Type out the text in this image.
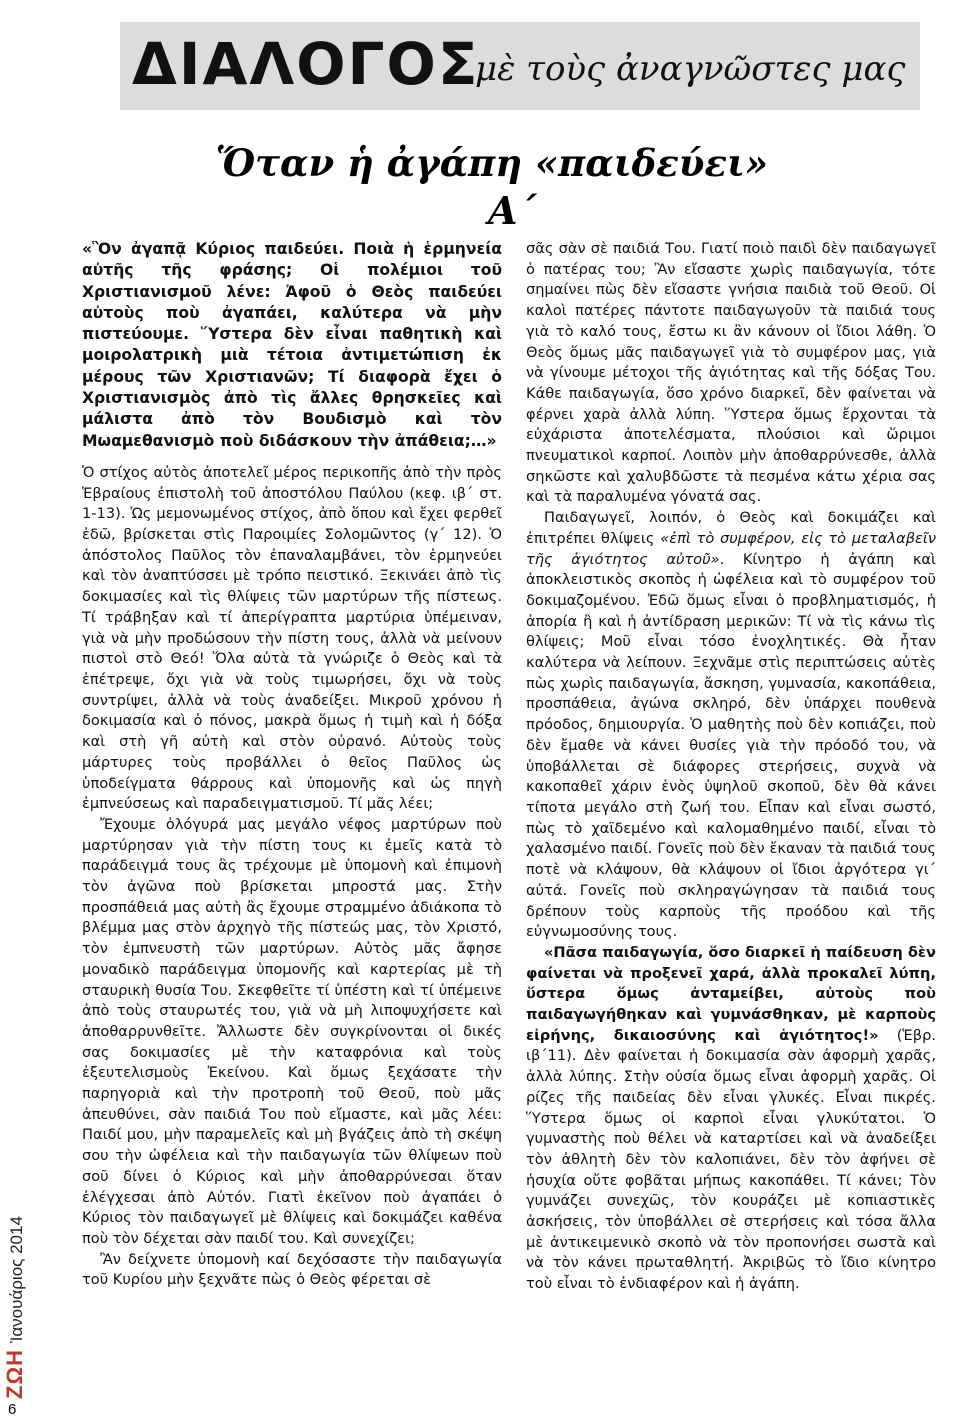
ΔΙΑΛΟΓΟΣ
μὲ τοὺς ἀναγνῶστες μας
Ὅταν ἡ ἀγάπη «παιδεύει»
Α΄
ΖΩΗἸανουάριος 2014
6

«Ὃν ἀγαπᾷ Κύριος παιδεύει. Ποιὰ ἡ ἑρμηνεία αὐτῆς τῆς φράσης; Οἱ πολέμιοι τοῦ Χριστιανισμοῦ λένε: Ἀφοῦ ὁ Θεὸς παιδεύει αὐτοὺς ποὺ ἀγαπάει, καλύτερα νὰ μὴν πιστεύουμε. Ὕστερα δὲν εἶναι παθητικὴ καὶ μοιρολατρικὴ μιὰ τέτοια ἀντιμετώπιση ἐκ μέρους τῶν Χριστιανῶν; Τί διαφορὰ ἔχει ὁ Χριστιανισμὸς ἀπὸ τὶς ἄλλες θρησκεῖες καὶ μάλιστα ἀπὸ τὸν Βουδισμὸ καὶ τὸν Μωαμεθανισμὸ ποὺ διδάσκουν τὴν ἀπάθεια;…»

Ὁ στίχος αὐτὸς ἀποτελεῖ μέρος περικοπῆς ἀπὸ τὴν πρὸς Ἑβραίους ἐπιστολὴ τοῦ ἀποστόλου Παύλου (κεφ. ιβ΄ στ. 1-13). Ὡς μεμονωμένος στίχος, ἀπὸ ὅπου καὶ ἔχει φερθεῖ ἐδῶ, βρίσκεται στὶς Παροιμίες Σολομῶντος (γ΄ 12). Ὁ ἀπόστολος Παῦλος τὸν ἐπαναλαμβάνει, τὸν ἑρμηνεύει καὶ τὸν ἀναπτύσσει μὲ τρόπο πειστικό. Ξεκινάει ἀπὸ τὶς δοκιμασίες καὶ τὶς θλίψεις τῶν μαρτύρων τῆς πίστεως. Τί τράβηξαν καὶ τί ἀπερίγραπτα μαρτύρια ὑπέμειναν, γιὰ νὰ μὴν προδώσουν τὴν πίστη τους, ἀλλὰ νὰ μείνουν πιστοὶ στὸ Θεό! Ὅλα αὐτὰ τὰ γνώριζε ὁ Θεὸς καὶ τὰ ἐπέτρεψε, ὄχι γιὰ νὰ τοὺς τιμωρήσει, ὄχι νὰ τοὺς συντρίψει, ἀλλὰ νὰ τοὺς ἀναδείξει. Μικροῦ χρόνου ἡ δοκιμασία καὶ ὁ πόνος, μακρὰ ὅμως ἡ τιμὴ καὶ ἡ δόξα καὶ στὴ γῆ αὐτὴ καὶ στὸν οὐρανό. Αὐτοὺς τοὺς μάρτυρες τοὺς προβάλλει ὁ θεῖος Παῦλος ὡς ὑποδείγματα θάρρους καὶ ὑπομονῆς καὶ ὡς πηγὴ ἐμπνεύσεως καὶ παραδειγματισμοῦ. Τί μᾶς λέει;

Ἔχουμε ὁλόγυρά μας μεγάλο νέφος μαρτύρων ποὺ μαρτύρησαν γιὰ τὴν πίστη τους κι ἐμεῖς κατὰ τὸ παράδειγμά τους ἂς τρέχουμε μὲ ὑπομονὴ καὶ ἐπιμονὴ τὸν ἀγῶνα ποὺ βρίσκεται μπροστά μας. Στὴν προσπάθειά μας αὐτὴ ἂς ἔχουμε στραμμένο ἀδιάκοπα τὸ βλέμμα μας στὸν ἀρχηγὸ τῆς πίστεώς μας, τὸν Χριστό, τὸν ἐμπνευστὴ τῶν μαρτύρων. Αὐτὸς μᾶς ἄφησε μοναδικὸ παράδειγμα ὑπομονῆς καὶ καρτερίας μὲ τὴ σταυρικὴ θυσία Του. Σκεφθεῖτε τί ὑπέστη καὶ τί ὑπέμεινε ἀπὸ τοὺς σταυρωτές του, γιὰ νὰ μὴ λιποψυχήσετε καὶ ἀποθαρρυνθεῖτε. Ἄλλωστε δὲν συγκρίνονται οἱ δικές σας δοκιμασίες μὲ τὴν καταφρόνια καὶ τοὺς ἐξευτελισμοὺς Ἐκείνου. Καὶ ὅμως ξεχάσατε τὴν παρηγοριὰ καὶ τὴν προτροπὴ τοῦ Θεοῦ, ποὺ μᾶς ἀπευθύνει, σὰν παιδιά Του ποὺ εἴμαστε, καὶ μᾶς λέει: Παιδί μου, μὴν παραμελεῖς καὶ μὴ βγάζεις ἀπὸ τὴ σκέψη σου τὴν ὠφέλεια καὶ τὴν παιδαγωγία τῶν θλίψεων ποὺ σοῦ δίνει ὁ Κύριος καὶ μὴν ἀποθαρρύνεσαι ὅταν ἐλέγχεσαι ἀπὸ Αὐτόν. Γιατὶ ἐκεῖνον ποὺ ἀγαπάει ὁ Κύριος τὸν παιδαγωγεῖ μὲ θλίψεις καὶ δοκιμάζει καθένα ποὺ τὸν δέχεται σὰν παιδί του. Καὶ συνεχίζει;

Ἂν δείχνετε ὑπομονὴ καί δεχόσαστε τὴν παιδαγωγία τοῦ Κυρίου μὴν ξεχνᾶτε πὼς ὁ Θεὸς φέρεται σὲ

σᾶς σὰν σὲ παιδιά Του. Γιατί ποιὸ παιδὶ δὲν παιδαγωγεῖ ὁ πατέρας του; Ἂν εἴσαστε χωρὶς παιδαγωγία, τότε σημαίνει πὼς δὲν εἴσαστε γνήσια παιδιὰ τοῦ Θεοῦ. Οἱ καλοὶ πατέρες πάντοτε παιδαγωγοῦν τὰ παιδιά τους γιὰ τὸ καλό τους, ἔστω κι ἂν κάνουν οἱ ἴδιοι λάθη. Ὁ Θεὸς ὅμως μᾶς παιδαγωγεῖ γιὰ τὸ συμφέρον μας, γιὰ νὰ γίνουμε μέτοχοι τῆς ἁγιότητας καὶ τῆς δόξας Του. Κάθε παιδαγωγία, ὅσο χρόνο διαρκεῖ, δὲν φαίνεται νὰ φέρνει χαρὰ ἀλλὰ λύπη. Ὕστερα ὅμως ἔρχονται τὰ εὐχάριστα ἀποτελέσματα, πλούσιοι καὶ ὥριμοι πνευματικοὶ καρποί. Λοιπὸν μὴν ἀποθαρρύνεσθε, ἀλλὰ σηκῶστε καὶ χαλυβδῶστε τὰ πεσμένα κάτω χέρια σας καὶ τὰ παραλυμένα γόνατά σας.

Παιδαγωγεῖ, λοιπόν, ὁ Θεὸς καὶ δοκιμάζει καὶ ἐπιτρέπει θλίψεις «ἐπὶ τὸ συμφέρον, εἰς τὸ μεταλαβεῖν τῆς ἁγιότητος αὐτοῦ». Κίνητρο ἡ ἀγάπη καὶ ἀποκλειστικὸς σκοπὸς ἡ ὠφέλεια καὶ τὸ συμφέρον τοῦ δοκιμαζομένου. Ἐδῶ ὅμως εἶναι ὁ προβληματισμός, ἡ ἀπορία ἢ καὶ ἡ ἀντίδραση μερικῶν: Τί νὰ τὶς κάνω τὶς θλίψεις; Μοῦ εἶναι τόσο ἐνοχλητικές. Θὰ ἦταν καλύτερα νὰ λείπουν. Ξεχνᾶμε στὶς περιπτώσεις αὐτὲς πὼς χωρὶς παιδαγωγία, ἄσκηση, γυμνασία, κακοπάθεια, προσπάθεια, ἀγώνα σκληρό, δὲν ὑπάρχει πουθενὰ πρόοδος, δημιουργία. Ὁ μαθητὴς ποὺ δὲν κοπιάζει, ποὺ δὲν ἔμαθε νὰ κάνει θυσίες γιὰ τὴν πρόοδό του, νὰ ὑποβάλλεται σὲ διάφορες στερήσεις, συχνὰ νὰ κακοπαθεῖ χάριν ἑνὸς ὑψηλοῦ σκοποῦ, δὲν θὰ κάνει τίποτα μεγάλο στὴ ζωή του. Εἶπαν καὶ εἶναι σωστό, πὼς τὸ χαϊδεμένο καὶ καλομαθημένο παιδί, εἶναι τὸ χαλασμένο παιδί. Γονεῖς ποὺ δὲν ἔκαναν τὰ παιδιά τους ποτὲ νὰ κλάψουν, θὰ κλάψουν οἱ ἴδιοι ἀργότερα γι΄ αὐτά. Γονεῖς ποὺ σκληραγώγησαν τὰ παιδιά τους δρέπουν τοὺς καρποὺς τῆς προόδου καὶ τῆς εὐγνωμοσύνης τους.

«Πᾶσα παιδαγωγία, ὅσο διαρκεῖ ἡ παίδευση δὲν φαίνεται νὰ προξενεῖ χαρά, ἀλλὰ προκαλεῖ λύπη, ὕστερα ὅμως ἀνταμείβει, αὐτοὺς ποὺ παιδαγωγήθηκαν καὶ γυμνάσθηκαν, μὲ καρποὺς εἰρήνης, δικαιοσύνης καὶ ἁγιότητος!» (Ἑβρ. ιβ΄11). Δὲν φαίνεται ἡ δοκιμασία σὰν ἀφορμὴ χαρᾶς, ἀλλὰ λύπης. Στὴν οὐσία ὅμως εἶναι ἀφορμὴ χαρᾶς. Οἱ ρίζες τῆς παιδείας δὲν εἶναι γλυκές. Εἶναι πικρές. Ὕστερα ὅμως οἱ καρποὶ εἶναι γλυκύτατοι. Ὁ γυμναστὴς ποὺ θέλει νὰ καταρτίσει καὶ νὰ ἀναδείξει τὸν ἀθλητὴ δὲν τὸν καλοπιάνει, δὲν τὸν ἀφήνει σὲ ἡσυχία οὔτε φοβᾶται μήπως κακοπάθει. Τί κάνει; Τὸν γυμνάζει συνεχῶς, τὸν κουράζει μὲ κοπιαστικὲς ἀσκήσεις, τὸν ὑποβάλλει σὲ στερήσεις καὶ τόσα ἄλλα μὲ ἀντικειμενικὸ σκοπὸ νὰ τὸν προπονήσει σωστὰ καὶ νὰ τὸν κάνει πρωταθλητή. Ἀκριβῶς τὸ ἴδιο κίνητρο τοὺ εἶναι τὸ ἐνδιαφέρον καὶ ἡ ἀγάπη.
